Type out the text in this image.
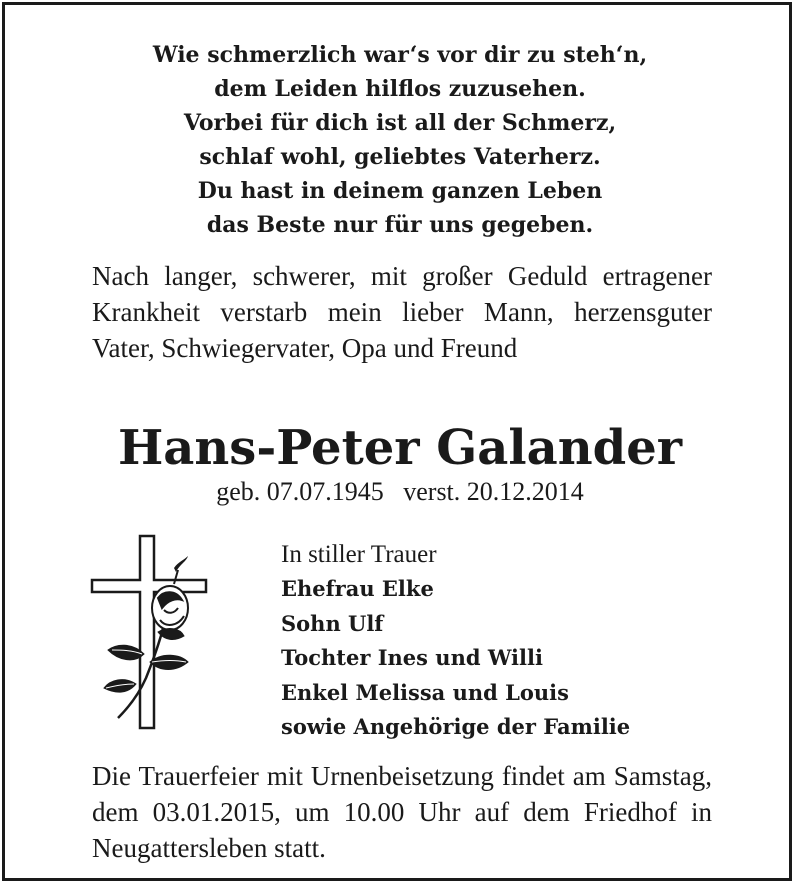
Wie schmerzlich war‘s vor dir zu steh‘n,
dem Leiden hilflos zuzusehen.
Vorbei für dich ist all der Schmerz,
schlaf wohl, geliebtes Vaterherz.
Du hast in deinem ganzen Leben
das Beste nur für uns gegeben.
Nach langer, schwerer, mit großer Geduld ertragener Krankheit verstarb mein lieber Mann, herzensguter Vater, Schwiegervater, Opa und Freund
Hans-Peter Galander
geb. 07.07.1945   verst. 20.12.2014
In stiller Trauer
Ehefrau Elke
Sohn Ulf
Tochter Ines und Willi
Enkel Melissa und Louis
sowie Angehörige der Familie
Die Trauerfeier mit Urnenbeisetzung findet am Samstag, dem 03.01.2015, um 10.00 Uhr auf dem Friedhof in Neugattersleben statt.
